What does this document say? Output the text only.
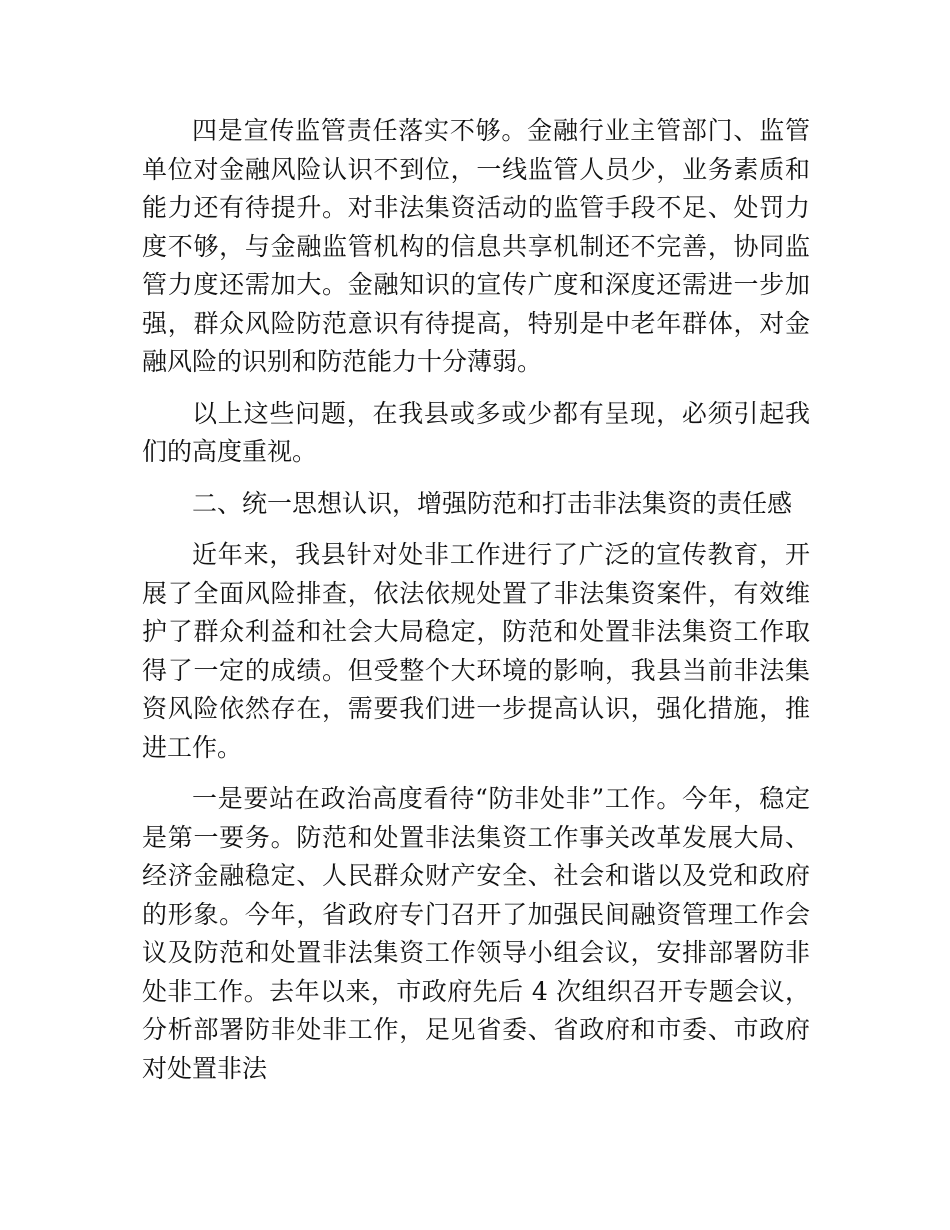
四是宣传监管责任落实不够。金融行业主管部门、监管单位对金融风险认识不到位，一线监管人员少，业务素质和能力还有待提升。对非法集资活动的监管手段不足、处罚力度不够，与金融监管机构的信息共享机制还不完善，协同监管力度还需加大。金融知识的宣传广度和深度还需进一步加强，群众风险防范意识有待提高，特别是中老年群体，对金融风险的识别和防范能力十分薄弱。

以上这些问题，在我县或多或少都有呈现，必须引起我们的高度重视。

二、统一思想认识，增强防范和打击非法集资的责任感

近年来，我县针对处非工作进行了广泛的宣传教育，开展了全面风险排查，依法依规处置了非法集资案件，有效维护了群众利益和社会大局稳定，防范和处置非法集资工作取得了一定的成绩。但受整个大环境的影响，我县当前非法集资风险依然存在，需要我们进一步提高认识，强化措施，推进工作。

一是要站在政治高度看待“防非处非”工作。今年，稳定是第一要务。防范和处置非法集资工作事关改革发展大局、经济金融稳定、人民群众财产安全、社会和谐以及党和政府的形象。今年，省政府专门召开了加强民间融资管理工作会议及防范和处置非法集资工作领导小组会议，安排部署防非处非工作。去年以来，市政府先后 4 次组织召开专题会议，分析部署防非处非工作，足见省委、省政府和市委、市政府对处置非法
